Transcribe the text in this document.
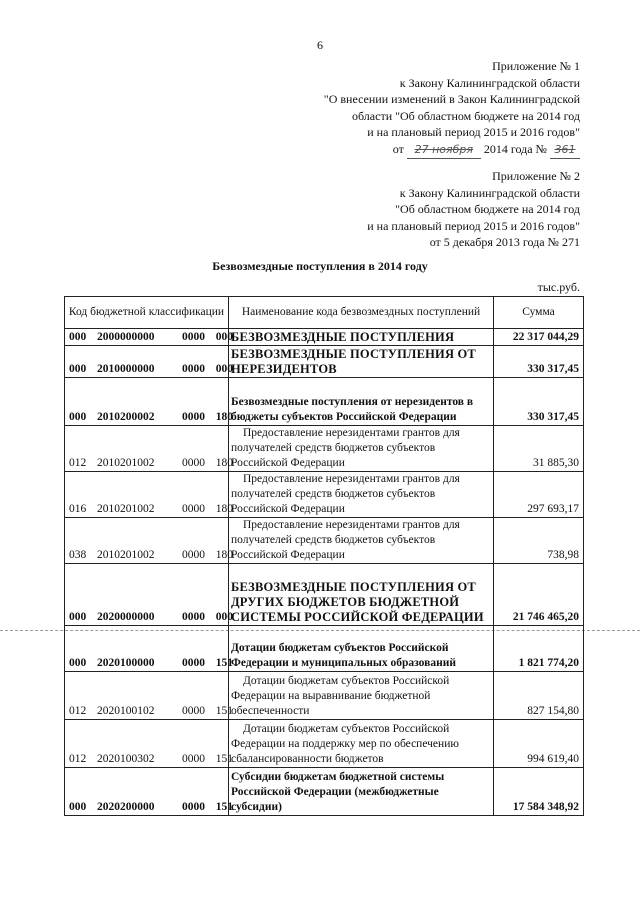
6
Приложение № 1
к Закону Калининградской области
"О внесении изменений в Закон Калининградской
области "Об областном бюджете на 2014 год
и на плановый период 2015 и 2016 годов"
от 27 ноября 2014 года № 361
Приложение № 2
к Закону Калининградской области
"Об областном бюджете на 2014 год
и на плановый период 2015 и 2016 годов"
от 5 декабря 2013 года № 271
Безвозмездные поступления в 2014 году
тыс.руб.
Код бюджетной классификации	Наименование кода безвозмездных поступлений	Сумма
000 2000000000 0000 000	БЕЗВОЗМЕЗДНЫЕ ПОСТУПЛЕНИЯ	22 317 044,29
000 2010000000 0000 000	БЕЗВОЗМЕЗДНЫЕ ПОСТУПЛЕНИЯ ОТ НЕРЕЗИДЕНТОВ	330 317,45
000 2010200002 0000 180	Безвозмездные поступления от нерезидентов в бюджеты субъектов Российской Федерации	330 317,45
012 2010201002 0000 180	Предоставление нерезидентами грантов для получателей средств бюджетов субъектов Российской Федерации	31 885,30
016 2010201002 0000 180	Предоставление нерезидентами грантов для получателей средств бюджетов субъектов Российской Федерации	297 693,17
038 2010201002 0000 180	Предоставление нерезидентами грантов для получателей средств бюджетов субъектов Российской Федерации	738,98
000 2020000000 0000 000	БЕЗВОЗМЕЗДНЫЕ ПОСТУПЛЕНИЯ ОТ ДРУГИХ БЮДЖЕТОВ БЮДЖЕТНОЙ СИСТЕМЫ РОССИЙСКОЙ ФЕДЕРАЦИИ	21 746 465,20
000 2020100000 0000 151	Дотации бюджетам субъектов Российской Федерации и муниципальных образований	1 821 774,20
012 2020100102 0000 151	Дотации бюджетам субъектов Российской Федерации на выравнивание бюджетной обеспеченности	827 154,80
012 2020100302 0000 151	Дотации бюджетам субъектов Российской Федерации на поддержку мер по обеспечению сбалансированности бюджетов	994 619,40
000 2020200000 0000 151	Субсидии бюджетам бюджетной системы Российской Федерации (межбюджетные субсидии)	17 584 348,92
